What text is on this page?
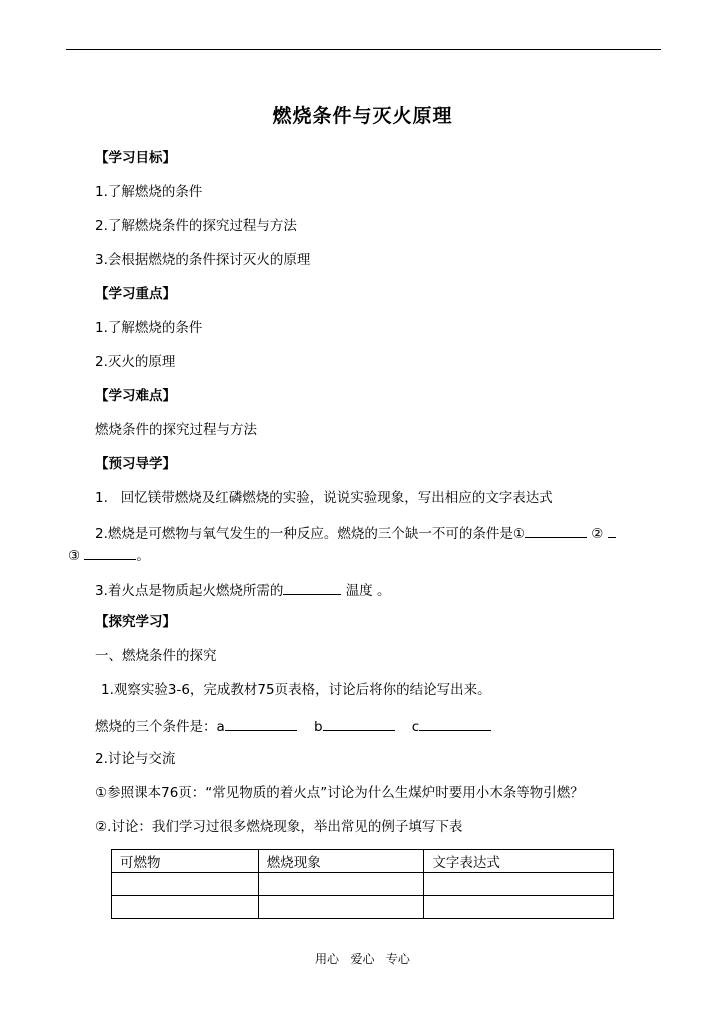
燃烧条件与灭火原理
【学习目标】
1.了解燃烧的条件
2.了解燃烧条件的探究过程与方法
3.会根据燃烧的条件探讨灭火的原理
【学习重点】
1.了解燃烧的条件
2.灭火的原理
【学习难点】
燃烧条件的探究过程与方法
【预习导学】
1.   回忆镁带燃烧及红磷燃烧的实验，说说实验现象，写出相应的文字表达式
2.燃烧是可燃物与氧气发生的一种反应。燃烧的三个缺一不可的条件是①	②
③	。
3.着火点是物质起火燃烧所需的	温度 。
【探究学习】
一、燃烧条件的探究
1.观察实验3-6，完成教材75页表格，讨论后将你的结论写出来。
燃烧的三个条件是：a	b	c
2.讨论与交流
①参照课本76页：“常见物质的着火点”讨论为什么生煤炉时要用小木条等物引燃？
②.讨论：我们学习过很多燃烧现象，举出常见的例子填写下表
可燃物	燃烧现象	文字表达式

用心   爱心   专心
